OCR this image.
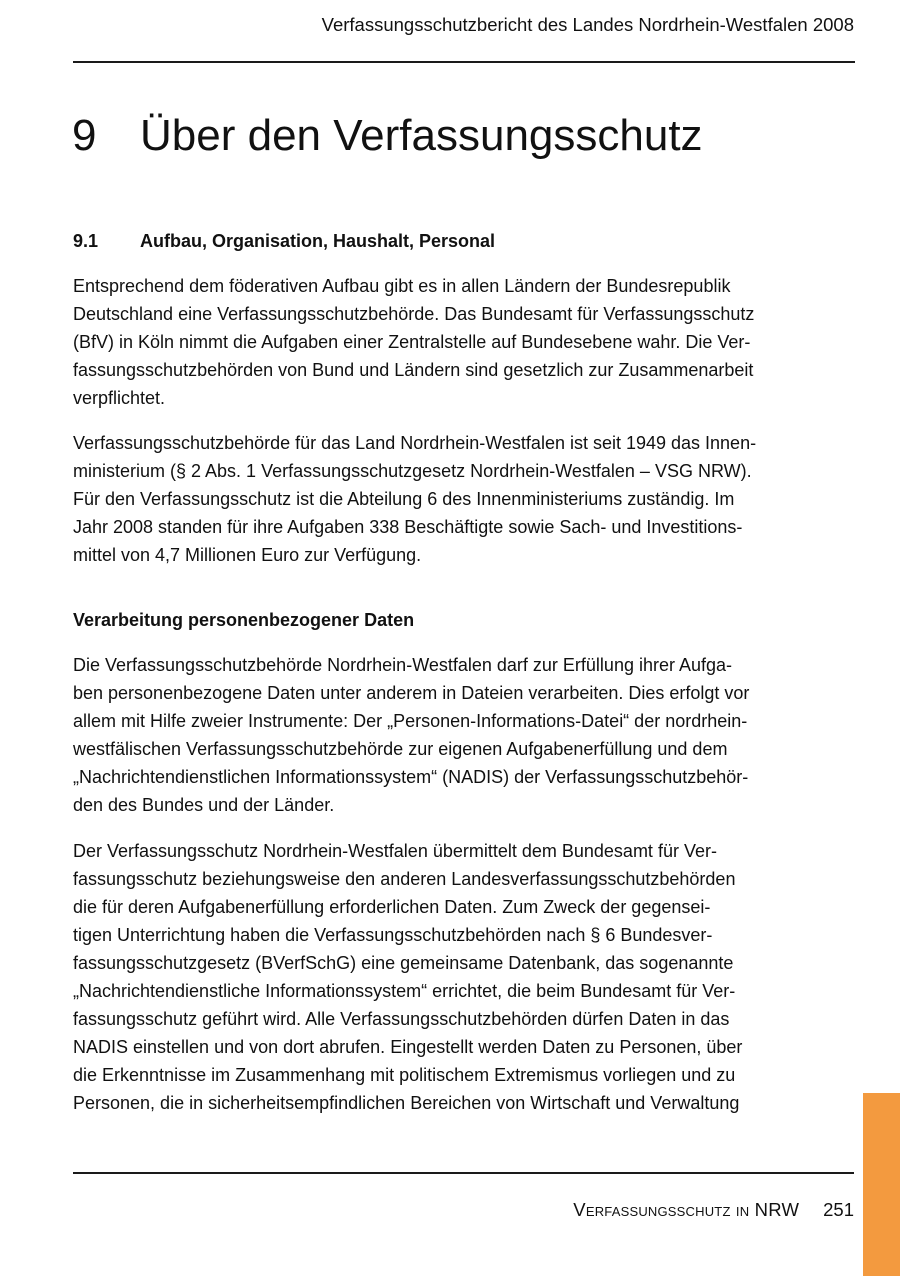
Verfassungsschutzbericht des Landes Nordrhein-Westfalen 2008
9 Über den Verfassungsschutz
9.1 Aufbau, Organisation, Haushalt, Personal

Entsprechend dem föderativen Aufbau gibt es in allen Ländern der Bundesrepublik
Deutschland eine Verfassungsschutzbehörde. Das Bundesamt für Verfassungsschutz
(BfV) in Köln nimmt die Aufgaben einer Zentralstelle auf Bundesebene wahr. Die Ver-
fassungsschutzbehörden von Bund und Ländern sind gesetzlich zur Zusammenarbeit
verpflichtet.

Verfassungsschutzbehörde für das Land Nordrhein-Westfalen ist seit 1949 das Innen-
ministerium (§ 2 Abs. 1 Verfassungsschutzgesetz Nordrhein-Westfalen – VSG NRW).
Für den Verfassungsschutz ist die Abteilung 6 des Innenministeriums zuständig. Im
Jahr 2008 standen für ihre Aufgaben 338 Beschäftigte sowie Sach- und Investitions-
mittel von 4,7 Millionen Euro zur Verfügung.

Verarbeitung personenbezogener Daten

Die Verfassungsschutzbehörde Nordrhein-Westfalen darf zur Erfüllung ihrer Aufga-
ben personenbezogene Daten unter anderem in Dateien verarbeiten. Dies erfolgt vor
allem mit Hilfe zweier Instrumente: Der „Personen-Informations-Datei“ der nordrhein-
westfälischen Verfassungsschutzbehörde zur eigenen Aufgabenerfüllung und dem
„Nachrichtendienstlichen Informationssystem“ (NADIS) der Verfassungsschutzbehör-
den des Bundes und der Länder.

Der Verfassungsschutz Nordrhein-Westfalen übermittelt dem Bundesamt für Ver-
fassungsschutz beziehungsweise den anderen Landesverfassungsschutzbehörden
die für deren Aufgabenerfüllung erforderlichen Daten. Zum Zweck der gegensei-
tigen Unterrichtung haben die Verfassungsschutzbehörden nach § 6 Bundesver-
fassungsschutzgesetz (BVerfSchG) eine gemeinsame Datenbank, das sogenannte
„Nachrichtendienstliche Informationssystem“ errichtet, die beim Bundesamt für Ver-
fassungsschutz geführt wird. Alle Verfassungsschutzbehörden dürfen Daten in das
NADIS einstellen und von dort abrufen. Eingestellt werden Daten zu Personen, über
die Erkenntnisse im Zusammenhang mit politischem Extremismus vorliegen und zu
Personen, die in sicherheitsempfindlichen Bereichen von Wirtschaft und Verwaltung

Verfassungsschutz in NRW 251
